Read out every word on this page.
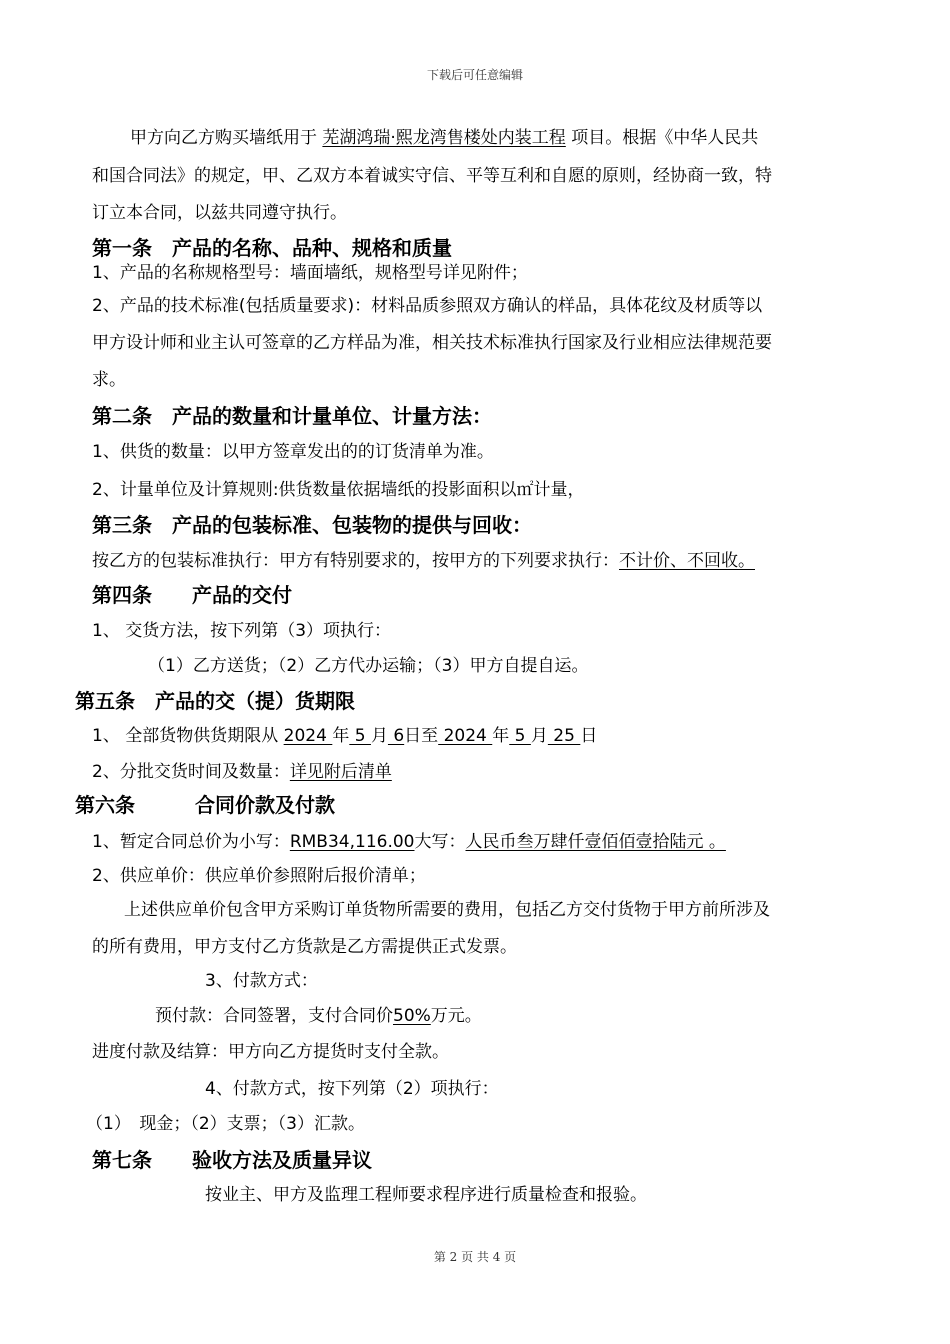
下载后可任意编辑
甲方向乙方购买墙纸用于 芜湖鸿瑞·熙龙湾售楼处内装工程 项目。根据《中华人民共
和国合同法》的规定，甲、乙双方本着诚实守信、平等互利和自愿的原则，经协商一致，特
订立本合同，以兹共同遵守执行。
第一条　产品的名称、品种、规格和质量
1、产品的名称规格型号：墙面墙纸，规格型号详见附件；
2、产品的技术标准(包括质量要求)：材料品质参照双方确认的样品，具体花纹及材质等以
甲方设计师和业主认可签章的乙方样品为准，相关技术标准执行国家及行业相应法律规范要
求。
第二条　产品的数量和计量单位、计量方法：
1、供货的数量：以甲方签章发出的的订货清单为准。
2、计量单位及计算规则:供货数量依据墙纸的投影面积以㎡计量，
第三条　产品的包装标准、包装物的提供与回收：
按乙方的包装标准执行：甲方有特别要求的，按甲方的下列要求执行：不计价、不回收。
第四条　　产品的交付
1、 交货方法，按下列第（3）项执行：
（1）乙方送货；（2）乙方代办运输；（3）甲方自提自运。
第五条　产品的交（提）货期限
1、 全部货物供货期限从 2024 年 5 月 6日至 2024 年 5 月 25 日
2、分批交货时间及数量：详见附后清单
第六条　　　合同价款及付款
1、暂定合同总价为小写：RMB34,116.00大写：人民币叁万肆仟壹佰佰壹拾陆元 。
2、供应单价：供应单价参照附后报价清单；
上述供应单价包含甲方采购订单货物所需要的费用，包括乙方交付货物于甲方前所涉及
的所有费用，甲方支付乙方货款是乙方需提供正式发票。
3、付款方式：
预付款：合同签署，支付合同价50%万元。
进度付款及结算：甲方向乙方提货时支付全款。
4、付款方式，按下列第（2）项执行：
（1）　现金；（2）支票；（3）汇款。
第七条　　验收方法及质量异议
按业主、甲方及监理工程师要求程序进行质量检查和报验。
第 2 页 共 4 页
